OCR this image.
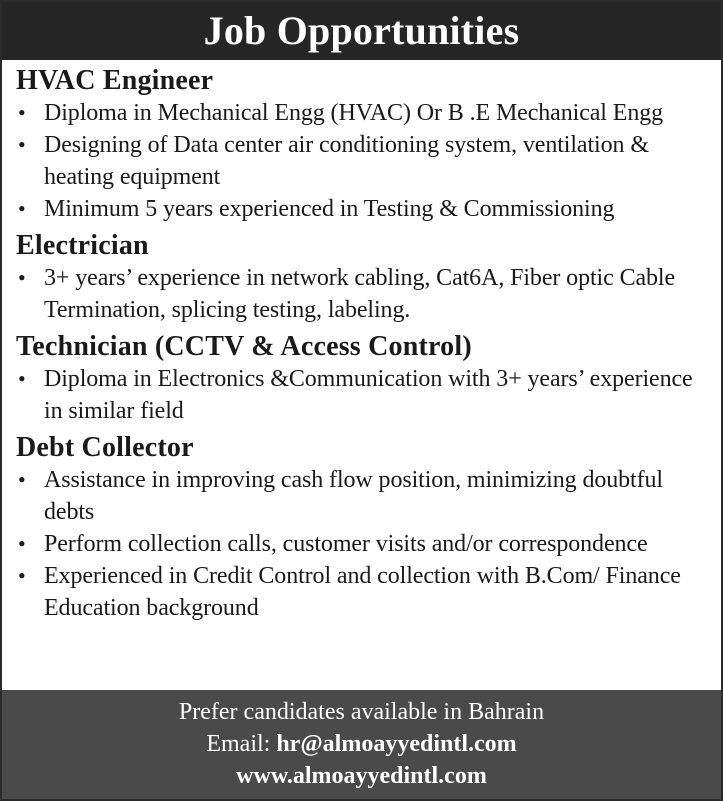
Job Opportunities
HVAC Engineer
• Diploma in Mechanical Engg (HVAC) Or B .E Mechanical Engg
• Designing of Data center air conditioning system, ventilation & heating equipment
• Minimum 5 years experienced in Testing & Commissioning
Electrician
• 3+ years’ experience in network cabling, Cat6A, Fiber optic Cable Termination, splicing testing, labeling.
Technician (CCTV & Access Control)
• Diploma in Electronics &Communication with 3+ years’ experience in similar field
Debt Collector
• Assistance in improving cash flow position, minimizing doubtful debts
• Perform collection calls, customer visits and/or correspondence
• Experienced in Credit Control and collection with B.Com/ Finance Education background
Prefer candidates available in Bahrain
Email: hr@almoayyedintl.com
www.almoayyedintl.com
